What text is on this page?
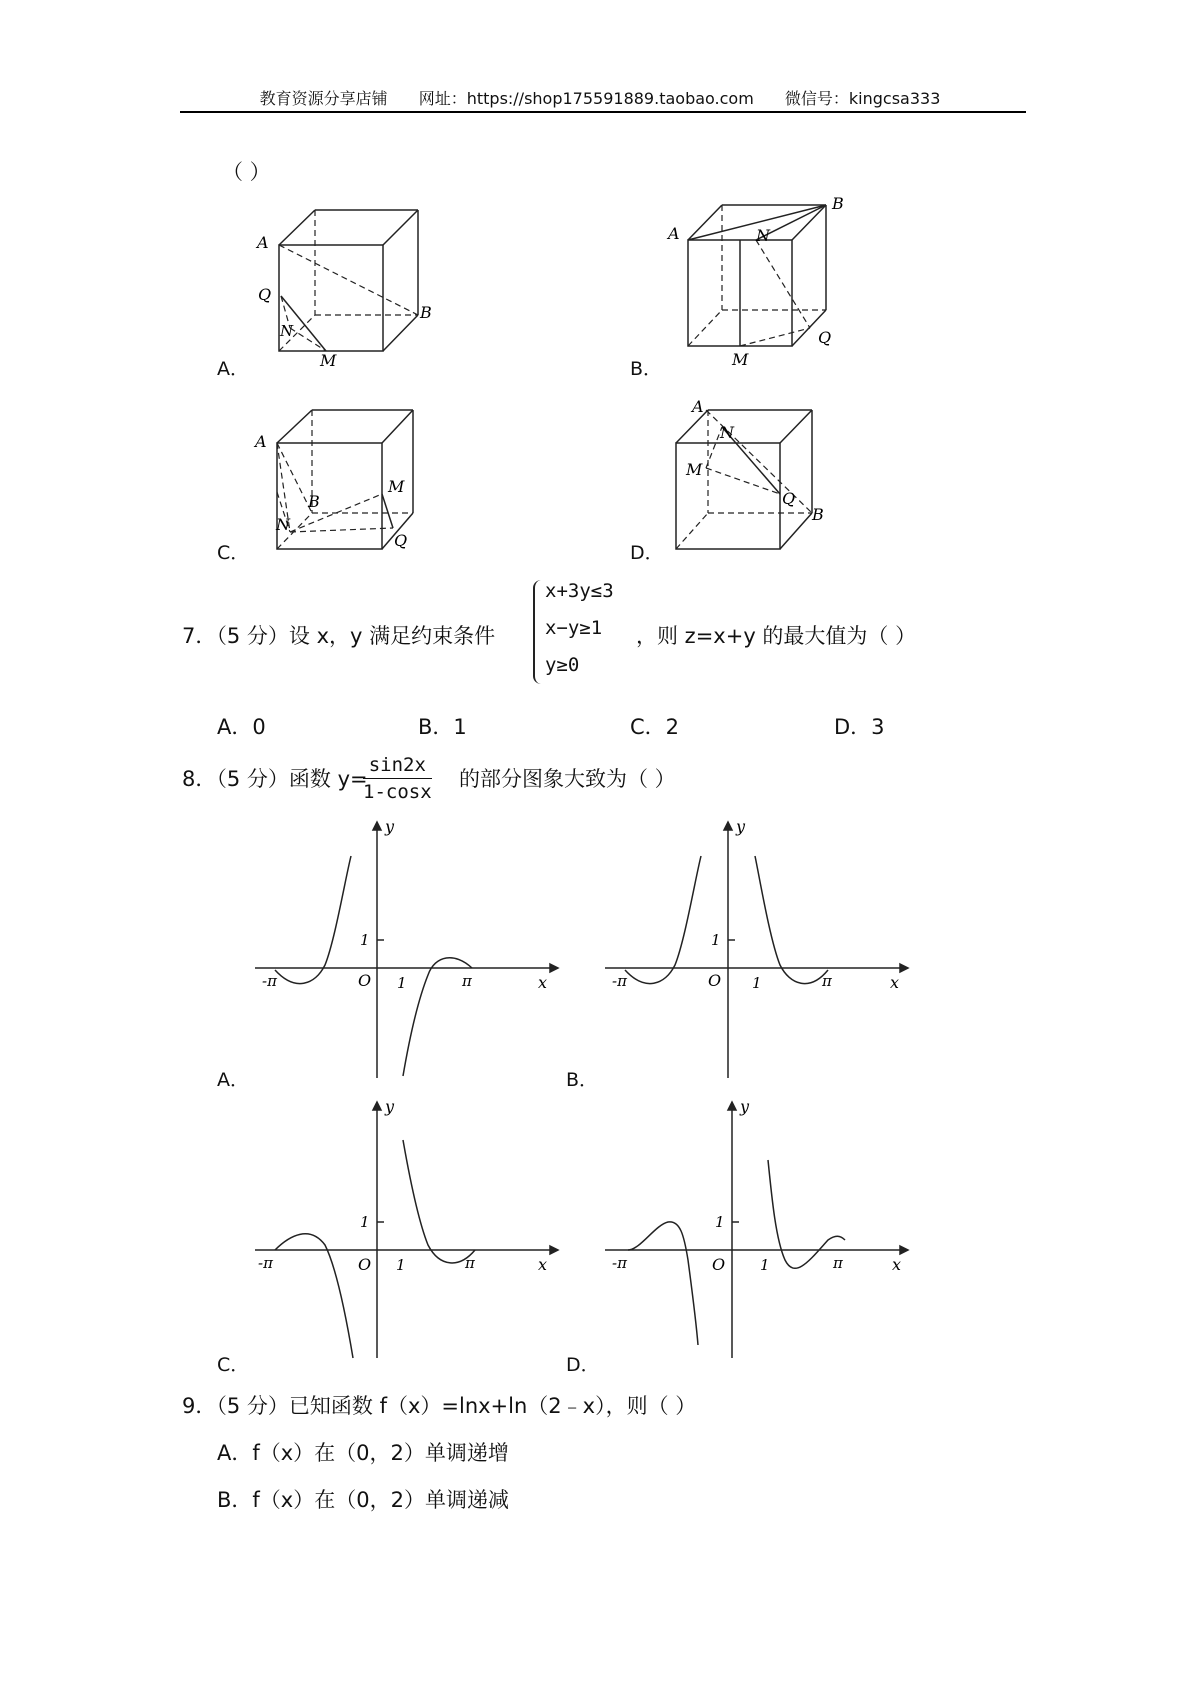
教育资源分享店铺 网址：https://shop175591889.taobao.com 微信号：kingcsa333
（ ）
A
Q
N
M
B
A．
A	N
B
Q
M
B．
A
B
M
N
Q
C．
A
N
M
Q
B
D．
7．（5 分）设 x，y 满足约束条件
x+3y≤3
x−y≥1
y≥0
，则 z=x+y 的最大值为（ ）
A．0	B．1	C．2	D．3
8．（5 分）函数 y=
sin2x
1-cosx
的部分图象大致为（ ）
y
x
O
1
1	π
-π
A．
y
x
O
1
1	π
-π
B．
y
x
O
1
1	π
-π
C．
y
x
O
1
1	π
-π
D．
9．（5 分）已知函数 f（x）=lnx+ln（2﹣x），则（ ）
A．f（x）在（0，2）单调递增
B．f（x）在（0，2）单调递减
